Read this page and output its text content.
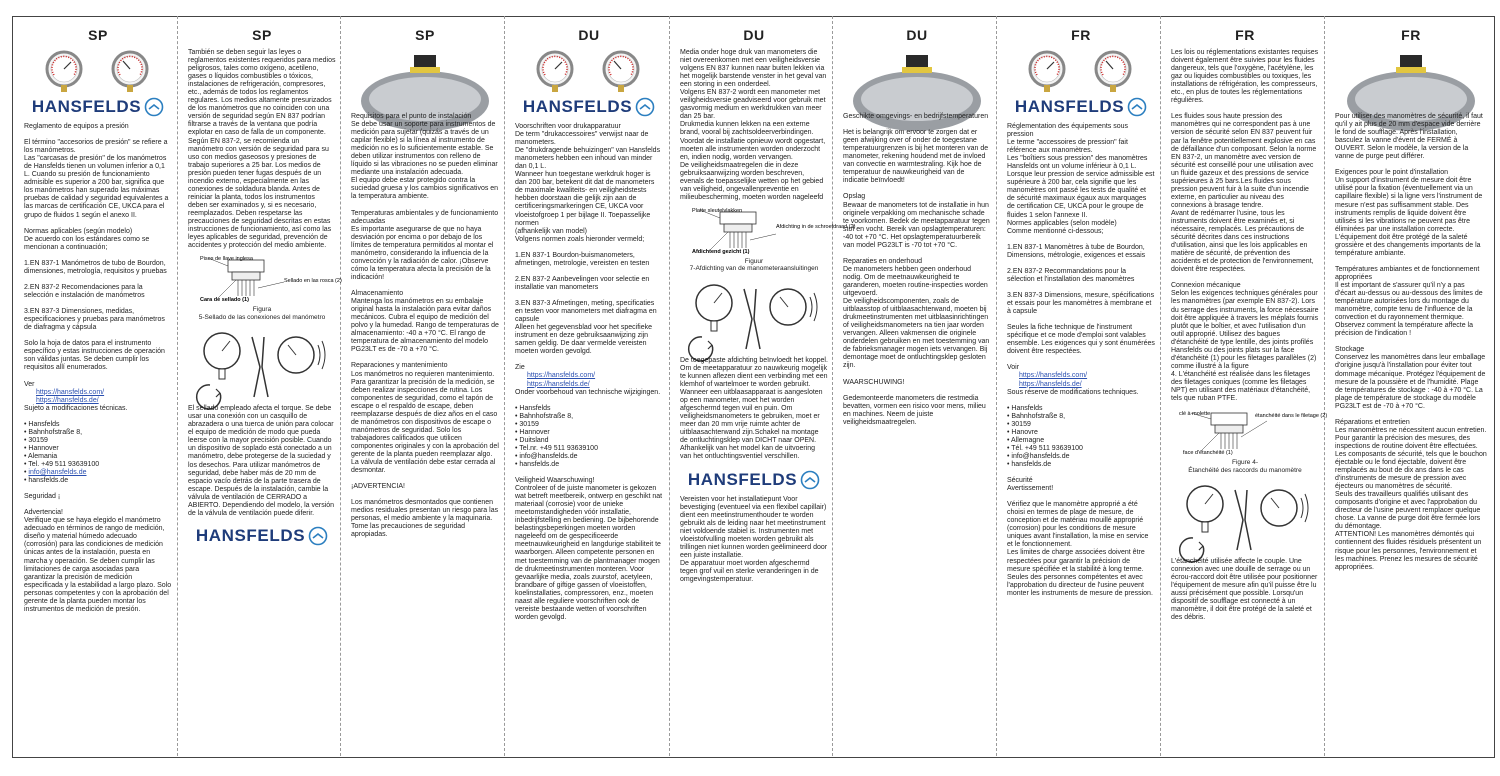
SP
HANSFELDS

Reglamento de equipos a presión

El término "accesorios de presión" se refiere a los manómetros.
Las "carcasas de presión" de los manómetros de Hansfelds tienen un volumen inferior a 0,1 L. Cuando su presión de funcionamiento admisible es superior a 200 bar, significa que los manómetros han superado las máximas pruebas de calidad y seguridad equivalentes a las marcas de certificación CE, UKCA para el grupo de fluidos 1 según el anexo II.

Normas aplicables (según modelo)
De acuerdo con los estándares como se mencionan a continuación;

1.EN 837-1 Manómetros de tubo de Bourdon, dimensiones, metrología, requisitos y pruebas

2.EN 837-2 Recomendaciones para la selección e instalación de manómetros

3.EN 837-3 Dimensiones, medidas, especificaciones y pruebas para manómetros de diafragma y cápsula

Solo la hoja de datos para el instrumento específico y estas instrucciones de operación son válidas juntas. Se deben cumplir los requisitos allí enumerados.

Ver

https://hansfelds.com/
https://hansfelds.de/

Sujeto a modificaciones técnicas.

• Hansfelds
• Bahnhofstraße 8,
• 30159
• Hannover
• Alemania
• Tel. +49 511 93639100

• info@hansfelds.de

• hansfelds.de

Seguridad ¡

Advertencia!
Verifique que se haya elegido el manómetro adecuado en términos de rango de medición, diseño y material húmedo adecuado (corrosión) para las condiciones de medición únicas antes de la instalación, puesta en marcha y operación. Se deben cumplir las limitaciones de carga asociadas para garantizar la precisión de medición especificada y la estabilidad a largo plazo. Solo personas competentes y con la aprobación del gerente de la planta pueden montar los instrumentos de medición de presión.

SP

También se deben seguir las leyes o reglamentos existentes requeridos para medios peligrosos, tales como oxígeno, acetileno, gases o líquidos combustibles o tóxicos, instalaciones de refrigeración, compresores, etc., además de todos los reglamentos regulares. Los medios altamente presurizados de los manómetros que no coinciden con una versión de seguridad según EN 837 podrían filtrarse a través de la ventana que podría explotar en caso de falla de un componente. Según EN 837-2, se recomienda un manómetro con versión de seguridad para su uso con medios gaseosos y presiones de trabajo superiores a 25 bar. Los medios de presión pueden tener fugas después de un incendio externo, especialmente en las conexiones de soldadura blanda. Antes de reiniciar la planta, todos los instrumentos deben ser examinados y, si es necesario, reemplazados. Deben respetarse las precauciones de seguridad descritas en estas instrucciones de funcionamiento, así como las leyes aplicables de seguridad, prevención de accidentes y protección del medio ambiente.

Pisos de llave inglesa
Sellado en las rosca (2)
Cara de sellado (1)
Figura
5-Sellado de las conexiones del manómetro

El sellado empleado afecta el torque. Se debe usar una conexión con un casquillo de abrazadera o una tuerca de unión para colocar el equipo de medición de modo que pueda leerse con la mayor precisión posible. Cuando un dispositivo de soplado está conectado a un manómetro, debe protegerse de la suciedad y los desechos. Para utilizar manómetros de seguridad, debe haber más de 20 mm de espacio vacío detrás de la parte trasera de escape. Después de la instalación, cambie la válvula de ventilación de CERRADO a ABIERTO. Dependiendo del modelo, la versión de la válvula de ventilación puede diferir.

HANSFELDS
SP

Requisitos para el punto de instalación
Se debe usar un soporte para instrumentos de medición para sujetar (quizás a través de un capilar flexible) si la línea al instrumento de medición no es lo suficientemente estable. Se deben utilizar instrumentos con relleno de líquido si las vibraciones no se pueden eliminar mediante una instalación adecuada.
El equipo debe estar protegido contra la suciedad gruesa y los cambios significativos en la temperatura ambiente.

Temperaturas ambientales y de funcionamiento adecuadas
Es importante asegurarse de que no haya desviación por encima o por debajo de los límites de temperatura permitidos al montar el manómetro, considerando la influencia de la convección y la radiación de calor. ¡Observe cómo la temperatura afecta la precisión de la indicación!

Almacenamiento
Mantenga los manómetros en su embalaje original hasta la instalación para evitar daños mecánicos. Cubra el equipo de medición del polvo y la humedad. Rango de temperaturas de almacenamiento: -40 a +70 °C. El rango de temperatura de almacenamiento del modelo PG23LT es de -70 a +70 °C.

Reparaciones y mantenimiento
Los manómetros no requieren mantenimiento. Para garantizar la precisión de la medición, se deben realizar inspecciones de rutina. Los componentes de seguridad, como el tapón de escape o el respaldo de escape, deben reemplazarse después de diez años en el caso de manómetros con dispositivos de escape o manómetros de seguridad. Solo los trabajadores calificados que utilicen componentes originales y con la aprobación del gerente de la planta pueden reemplazar algo. La válvula de ventilación debe estar cerrada al desmontar.

¡ADVERTENCIA!

Los manómetros desmontados que contienen medios residuales presentan un riesgo para las personas, el medio ambiente y la maquinaria. Tome las precauciones de seguridad apropiadas.

DU
HANSFELDS

Voorschriften voor drukapparatuur
De term "drukaccessoires" verwijst naar de manometers.
De "drukdragende behuizingen" van Hansfelds manometers hebben een inhoud van minder dan 0,1 L.
Wanneer hun toegestane werkdruk hoger is dan 200 bar, betekent dit dat de manometers de maximale kwaliteits- en veiligheidstests hebben doorstaan die gelijk zijn aan de certificeringsmarkeringen CE, UKCA voor vloeistofgroep 1 per bijlage II. Toepasselijke normen
(afhankelijk van model)
Volgens normen zoals hieronder vermeld;

1.EN 837-1 Bourdon-buismanometers, afmetingen, metrologie, vereisten en testen

2.EN 837-2 Aanbevelingen voor selectie en installatie van manometers

3.EN 837-3 Afmetingen, meting, specificaties en testen voor manometers met diafragma en capsule
Alleen het gegevensblad voor het specifieke instrument en deze gebruiksaanwijzing zijn samen geldig. De daar vermelde vereisten moeten worden gevolgd.

Zie

https://hansfelds.com/
https://hansfelds.de/

Onder voorbehoud van technische wijzigingen.

• Hansfelds
• Bahnhofstraße 8,
• 30159
• Hannover
• Duitsland
• Tel.nr. +49 511 93639100
• info@hansfelds.de
• hansfelds.de

Veiligheid Waarschuwing!
Controleer of de juiste manometer is gekozen wat betreft meetbereik, ontwerp en geschikt nat materiaal (corrosie) voor de unieke meetomstandigheden vóór installatie, inbedrijfstelling en bediening. De bijbehorende belastingsbeperkingen moeten worden nageleefd om de gespecificeerde meetnauwkeurigheid en langdurige stabiliteit te waarborgen. Alleen competente personen en met toestemming van de plantmanager mogen de drukmeetinstrumenten monteren. Voor gevaarlijke media, zoals zuurstof, acetyleen, brandbare of giftige gassen of vloeistoffen, koelinstallaties, compressoren, enz., moeten naast alle reguliere voorschriften ook de vereiste bestaande wetten of voorschriften worden gevolgd.

DU

Media onder hoge druk van manometers die niet overeenkomen met een veiligheidsversie volgens EN 837 kunnen naar buiten lekken via het mogelijk barstende venster in het geval van een storing in een onderdeel.
Volgens EN 837-2 wordt een manometer met veiligheidsversie geadviseerd voor gebruik met gasvormig medium en werkdrukken van meer dan 25 bar.
Drukmedia kunnen lekken na een externe brand, vooral bij zachtsoldeerverbindingen. Voordat de installatie opnieuw wordt opgestart, moeten alle instrumenten worden onderzocht en, indien nodig, worden vervangen.
De veiligheidsmaatregelen die in deze gebruiksaanwijzing worden beschreven, evenals de toepasselijke wetten op het gebied van veiligheid, ongevallenpreventie en milieubescherming, moeten worden nageleefd

Platte sleutelvlakken
Afdichting in de schroefdraad (2)
Afdichtend gezicht (1)
Figuur
7-Afdichting van de manometeraansluitingen

De toegepaste afdichting beïnvloedt het koppel. Om de meetapparatuur zo nauwkeurig mogelijk te kunnen aflezen dient een verbinding met een klemhof of wartelmoer te worden gebruikt. Wanneer een uitblaasapparaat is aangesloten op een manometer, moet het worden afgeschermd tegen vuil en puin. Om veiligheidsmanometers te gebruiken, moet er meer dan 20 mm vrije ruimte achter de uitblaasachterwand zijn.Schakel na montage de ontluchtingsklep van DICHT naar OPEN. Afhankelijk van het model kan de uitvoering van het ontluchtingsventiel verschillen.

HANSFELDS

Vereisten voor het installatiepunt Voor bevestiging (eventueel via een flexibel capillair) dient een meetinstrumenthouder te worden gebruikt als de leiding naar het meetinstrument niet voldoende stabiel is. Instrumenten met vloeistofvulling moeten worden gebruikt als trillingen niet kunnen worden geëlimineerd door een juiste installatie.
De apparatuur moet worden afgeschermd tegen grof vuil en sterke veranderingen in de omgevingstemperatuur.

DU

Geschikte omgevings- en bedrijfstemperaturen

Het is belangrijk om ervoor te zorgen dat er geen afwijking over of onder de toegestane temperatuurgrenzen is bij het monteren van de manometer, rekening houdend met de invloed van convectie en warmtestraling. Kijk hoe de temperatuur de nauwkeurigheid van de indicatie beïnvloedt!

Opslag
Bewaar de manometers tot de installatie in hun originele verpakking om mechanische schade te voorkomen. Bedek de meetapparatuur tegen stof en vocht. Bereik van opslagtemperaturen: -40 tot +70 °C. Het opslagtemperatuurbereik van model PG23LT is -70 tot +70 °C.

Reparaties en onderhoud
De manometers hebben geen onderhoud nodig. Om de meetnauwkeurigheid te garanderen, moeten routine-inspecties worden uitgevoerd.
De veiligheidscomponenten, zoals de uitblaasstop of uitblaasachterwand, moeten bij drukmeetinstrumenten met uitblaasinrichtingen of veiligheidsmanometers na tien jaar worden vervangen. Alleen vakmensen die originele onderdelen gebruiken en met toestemming van de fabrieksmanager mogen iets vervangen. Bij demontage moet de ontluchtingsklep gesloten zijn.

WAARSCHUWING!

Gedemonteerde manometers die restmedia bevatten, vormen een risico voor mens, milieu en machines. Neem de juiste veiligheidsmaatregelen.

FR
HANSFELDS

Réglementation des équipements sous pression
Le terme "accessoires de pression" fait référence aux manomètres.
Les "boîtiers sous pression" des manomètres Hansfelds ont un volume inférieur à 0,1 L. Lorsque leur pression de service admissible est supérieure à 200 bar, cela signifie que les manomètres ont passé les tests de qualité et de sécurité maximaux égaux aux marquages de certification CE, UKCA pour le groupe de fluides 1 selon l'annexe II.
Normes applicables (selon modèle)
Comme mentionné ci-dessous;

1.EN 837-1 Manomètres à tube de Bourdon, Dimensions, métrologie, exigences et essais

2.EN 837-2 Recommandations pour la sélection et l'installation des manomètres

3.EN 837-3 Dimensions, mesure, spécifications et essais pour les manomètres à membrane et à capsule

Seules la fiche technique de l'instrument spécifique et ce mode d'emploi sont valables ensemble. Les exigences qui y sont énumérées doivent être respectées.

Voir

https://hansfelds.com/
https://hansfelds.de/

Sous réserve de modifications techniques.

• Hansfelds
• Bahnhofstraße 8,
• 30159
• Hanovre
• Allemagne
• Tél. +49 511 93639100
• info@hansfelds.de
• hansfelds.de

Sécurité
Avertissement!

Vérifiez que le manomètre approprié a été choisi en termes de plage de mesure, de conception et de matériau mouillé approprié (corrosion) pour les conditions de mesure uniques avant l'installation, la mise en service et le fonctionnement.
Les limites de charge associées doivent être respectées pour garantir la précision de mesure spécifiée et la stabilité à long terme.
Seules des personnes compétentes et avec l'approbation du directeur de l'usine peuvent monter les instruments de mesure de pression.

FR

Les lois ou réglementations existantes requises doivent également être suivies pour les fluides dangereux, tels que l'oxygène, l'acétylène, les gaz ou liquides combustibles ou toxiques, les installations de réfrigération, les compresseurs, etc., en plus de toutes les réglementations régulières.

Les fluides sous haute pression des manomètres qui ne correspondent pas à une version de sécurité selon EN 837 peuvent fuir par la fenêtre potentiellement explosive en cas de défaillance d'un composant. Selon la norme EN 837-2, un manomètre avec version de sécurité est conseillé pour une utilisation avec un fluide gazeux et des pressions de service supérieures à 25 bars.Les fluides sous pression peuvent fuir à la suite d'un incendie externe, en particulier au niveau des connexions à brasage tendre.
Avant de redémarrer l'usine, tous les instruments doivent être examinés et, si nécessaire, remplacés. Les précautions de sécurité décrites dans ces instructions d'utilisation, ainsi que les lois applicables en matière de sécurité, de prévention des accidents et de protection de l'environnement, doivent être respectées.

Connexion mécanique
Selon les exigences techniques générales pour les manomètres (par exemple EN 837-2). Lors du serrage des instruments, la force nécessaire doit être appliquée à travers les méplats fournis plutôt que le boîtier, et avec l'utilisation d'un outil approprié. Utilisez des bagues d'étanchéité de type lentille, des joints profilés Hansfelds ou des joints plats sur la face d'étanchéité (1) pour les filetages parallèles (2) comme illustré à la figure
4. L'étanchéité est réalisée dans les filetages des filetages coniques (comme les filetages NPT) en utilisant des matériaux d'étanchéité, tels que ruban PTFE.

clé à molette	étanchéité dans le filetage (2)
face d'étanchéité (1)
Figure 4-
Étanchéité des raccords du manomètre

L'étanchéité utilisée affecte le couple. Une connexion avec une douille de serrage ou un écrou-raccord doit être utilisée pour positionner l'équipement de mesure afin qu'il puisse être lu aussi précisément que possible. Lorsqu'un dispositif de soufflage est connecté à un manomètre, il doit être protégé de la saleté et des débris.

FR

Pour utiliser des manomètres de sécurité, il faut qu'il y ait plus de 20 mm d'espace vide derrière le fond de soufflage. Après l'installation, basculez la vanne d'évent de FERMÉ à OUVERT. Selon le modèle, la version de la vanne de purge peut différer.

Exigences pour le point d'installation
Un support d'instrument de mesure doit être utilisé pour la fixation (éventuellement via un capillaire flexible) si la ligne vers l'instrument de mesure n'est pas suffisamment stable. Des instruments remplis de liquide doivent être utilisés si les vibrations ne peuvent pas être éliminées par une installation correcte. L'équipement doit être protégé de la saleté grossière et des changements importants de la température ambiante.

Températures ambiantes et de fonctionnement appropriées
Il est important de s'assurer qu'il n'y a pas d'écart au-dessus ou au-dessous des limites de température autorisées lors du montage du manomètre, compte tenu de l'influence de la convection et du rayonnement thermique. Observez comment la température affecte la précision de l'indication !

Stockage
Conservez les manomètres dans leur emballage d'origine jusqu'à l'installation pour éviter tout dommage mécanique. Protégez l'équipement de mesure de la poussière et de l'humidité. Plage de températures de stockage : -40 à +70 °C. La plage de température de stockage du modèle PG23LT est de -70 à +70 °C.

Réparations et entretien
Les manomètres ne nécessitent aucun entretien. Pour garantir la précision des mesures, des inspections de routine doivent être effectuées. Les composants de sécurité, tels que le bouchon éjectable ou le fond éjectable, doivent être remplacés au bout de dix ans dans le cas d'instruments de mesure de pression avec éjecteurs ou manomètres de sécurité.
Seuls des travailleurs qualifiés utilisant des composants d'origine et avec l'approbation du directeur de l'usine peuvent remplacer quelque chose. La vanne de purge doit être fermée lors du démontage.
ATTENTION! Les manomètres démontés qui contiennent des fluides résiduels présentent un risque pour les personnes, l'environnement et les machines. Prenez les mesures de sécurité appropriées.
